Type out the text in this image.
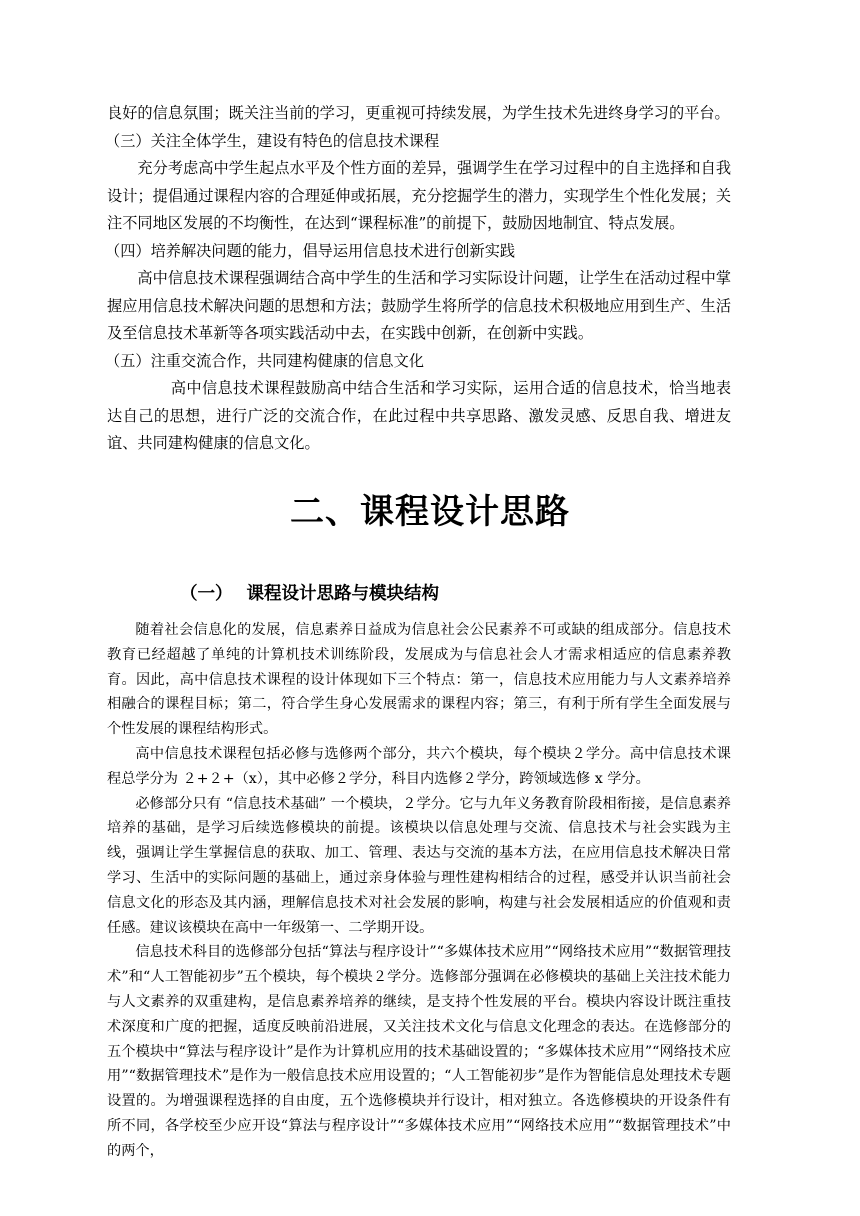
良好的信息氛围；既关注当前的学习，更重视可持续发展，为学生技术先进终身学习的平台。

（三）关注全体学生，建设有特色的信息技术课程

充分考虑高中学生起点水平及个性方面的差异，强调学生在学习过程中的自主选择和自我设计；提倡通过课程内容的合理延伸或拓展，充分挖掘学生的潜力，实现学生个性化发展；关注不同地区发展的不均衡性，在达到“课程标准”的前提下，鼓励因地制宜、特点发展。

（四）培养解决问题的能力，倡导运用信息技术进行创新实践

高中信息技术课程强调结合高中学生的生活和学习实际设计问题，让学生在活动过程中掌握应用信息技术解决问题的思想和方法；鼓励学生将所学的信息技术积极地应用到生产、生活及至信息技术革新等各项实践活动中去，在实践中创新，在创新中实践。

（五）注重交流合作，共同建构健康的信息文化

高中信息技术课程鼓励高中结合生活和学习实际，运用合适的信息技术，恰当地表达自己的思想，进行广泛的交流合作，在此过程中共享思路、激发灵感、反思自我、增进友谊、共同建构健康的信息文化。

二、课程设计思路
（一） 课程设计思路与模块结构

随着社会信息化的发展，信息素养日益成为信息社会公民素养不可或缺的组成部分。信息技术教育已经超越了单纯的计算机技术训练阶段，发展成为与信息社会人才需求相适应的信息素养教育。因此，高中信息技术课程的设计体现如下三个特点：第一，信息技术应用能力与人文素养培养相融合的课程目标；第二，符合学生身心发展需求的课程内容；第三，有利于所有学生全面发展与个性发展的课程结构形式。

高中信息技术课程包括必修与选修两个部分，共六个模块，每个模块２学分。高中信息技术课程总学分为 ２+２+（x），其中必修２学分，科目内选修２学分，跨领域选修 x 学分。

必修部分只有 “信息技术基础” 一个模块，２学分。它与九年义务教育阶段相衔接，是信息素养培养的基础，是学习后续选修模块的前提。该模块以信息处理与交流、信息技术与社会实践为主线，强调让学生掌握信息的获取、加工、管理、表达与交流的基本方法，在应用信息技术解决日常学习、生活中的实际问题的基础上，通过亲身体验与理性建构相结合的过程，感受并认识当前社会信息文化的形态及其内涵，理解信息技术对社会发展的影响，构建与社会发展相适应的价值观和责任感。建议该模块在高中一年级第一、二学期开设。

信息技术科目的选修部分包括“算法与程序设计”“多媒体技术应用”“网络技术应用”“数据管理技术”和“人工智能初步”五个模块，每个模块２学分。选修部分强调在必修模块的基础上关注技术能力与人文素养的双重建构，是信息素养培养的继续，是支持个性发展的平台。模块内容设计既注重技术深度和广度的把握，适度反映前沿进展，又关注技术文化与信息文化理念的表达。在选修部分的五个模块中“算法与程序设计”是作为计算机应用的技术基础设置的；“多媒体技术应用”“网络技术应用”“数据管理技术”是作为一般信息技术应用设置的；“人工智能初步”是作为智能信息处理技术专题设置的。为增强课程选择的自由度，五个选修模块并行设计，相对独立。各选修模块的开设条件有所不同，各学校至少应开设“算法与程序设计”“多媒体技术应用”“网络技术应用”“数据管理技术”中的两个，
